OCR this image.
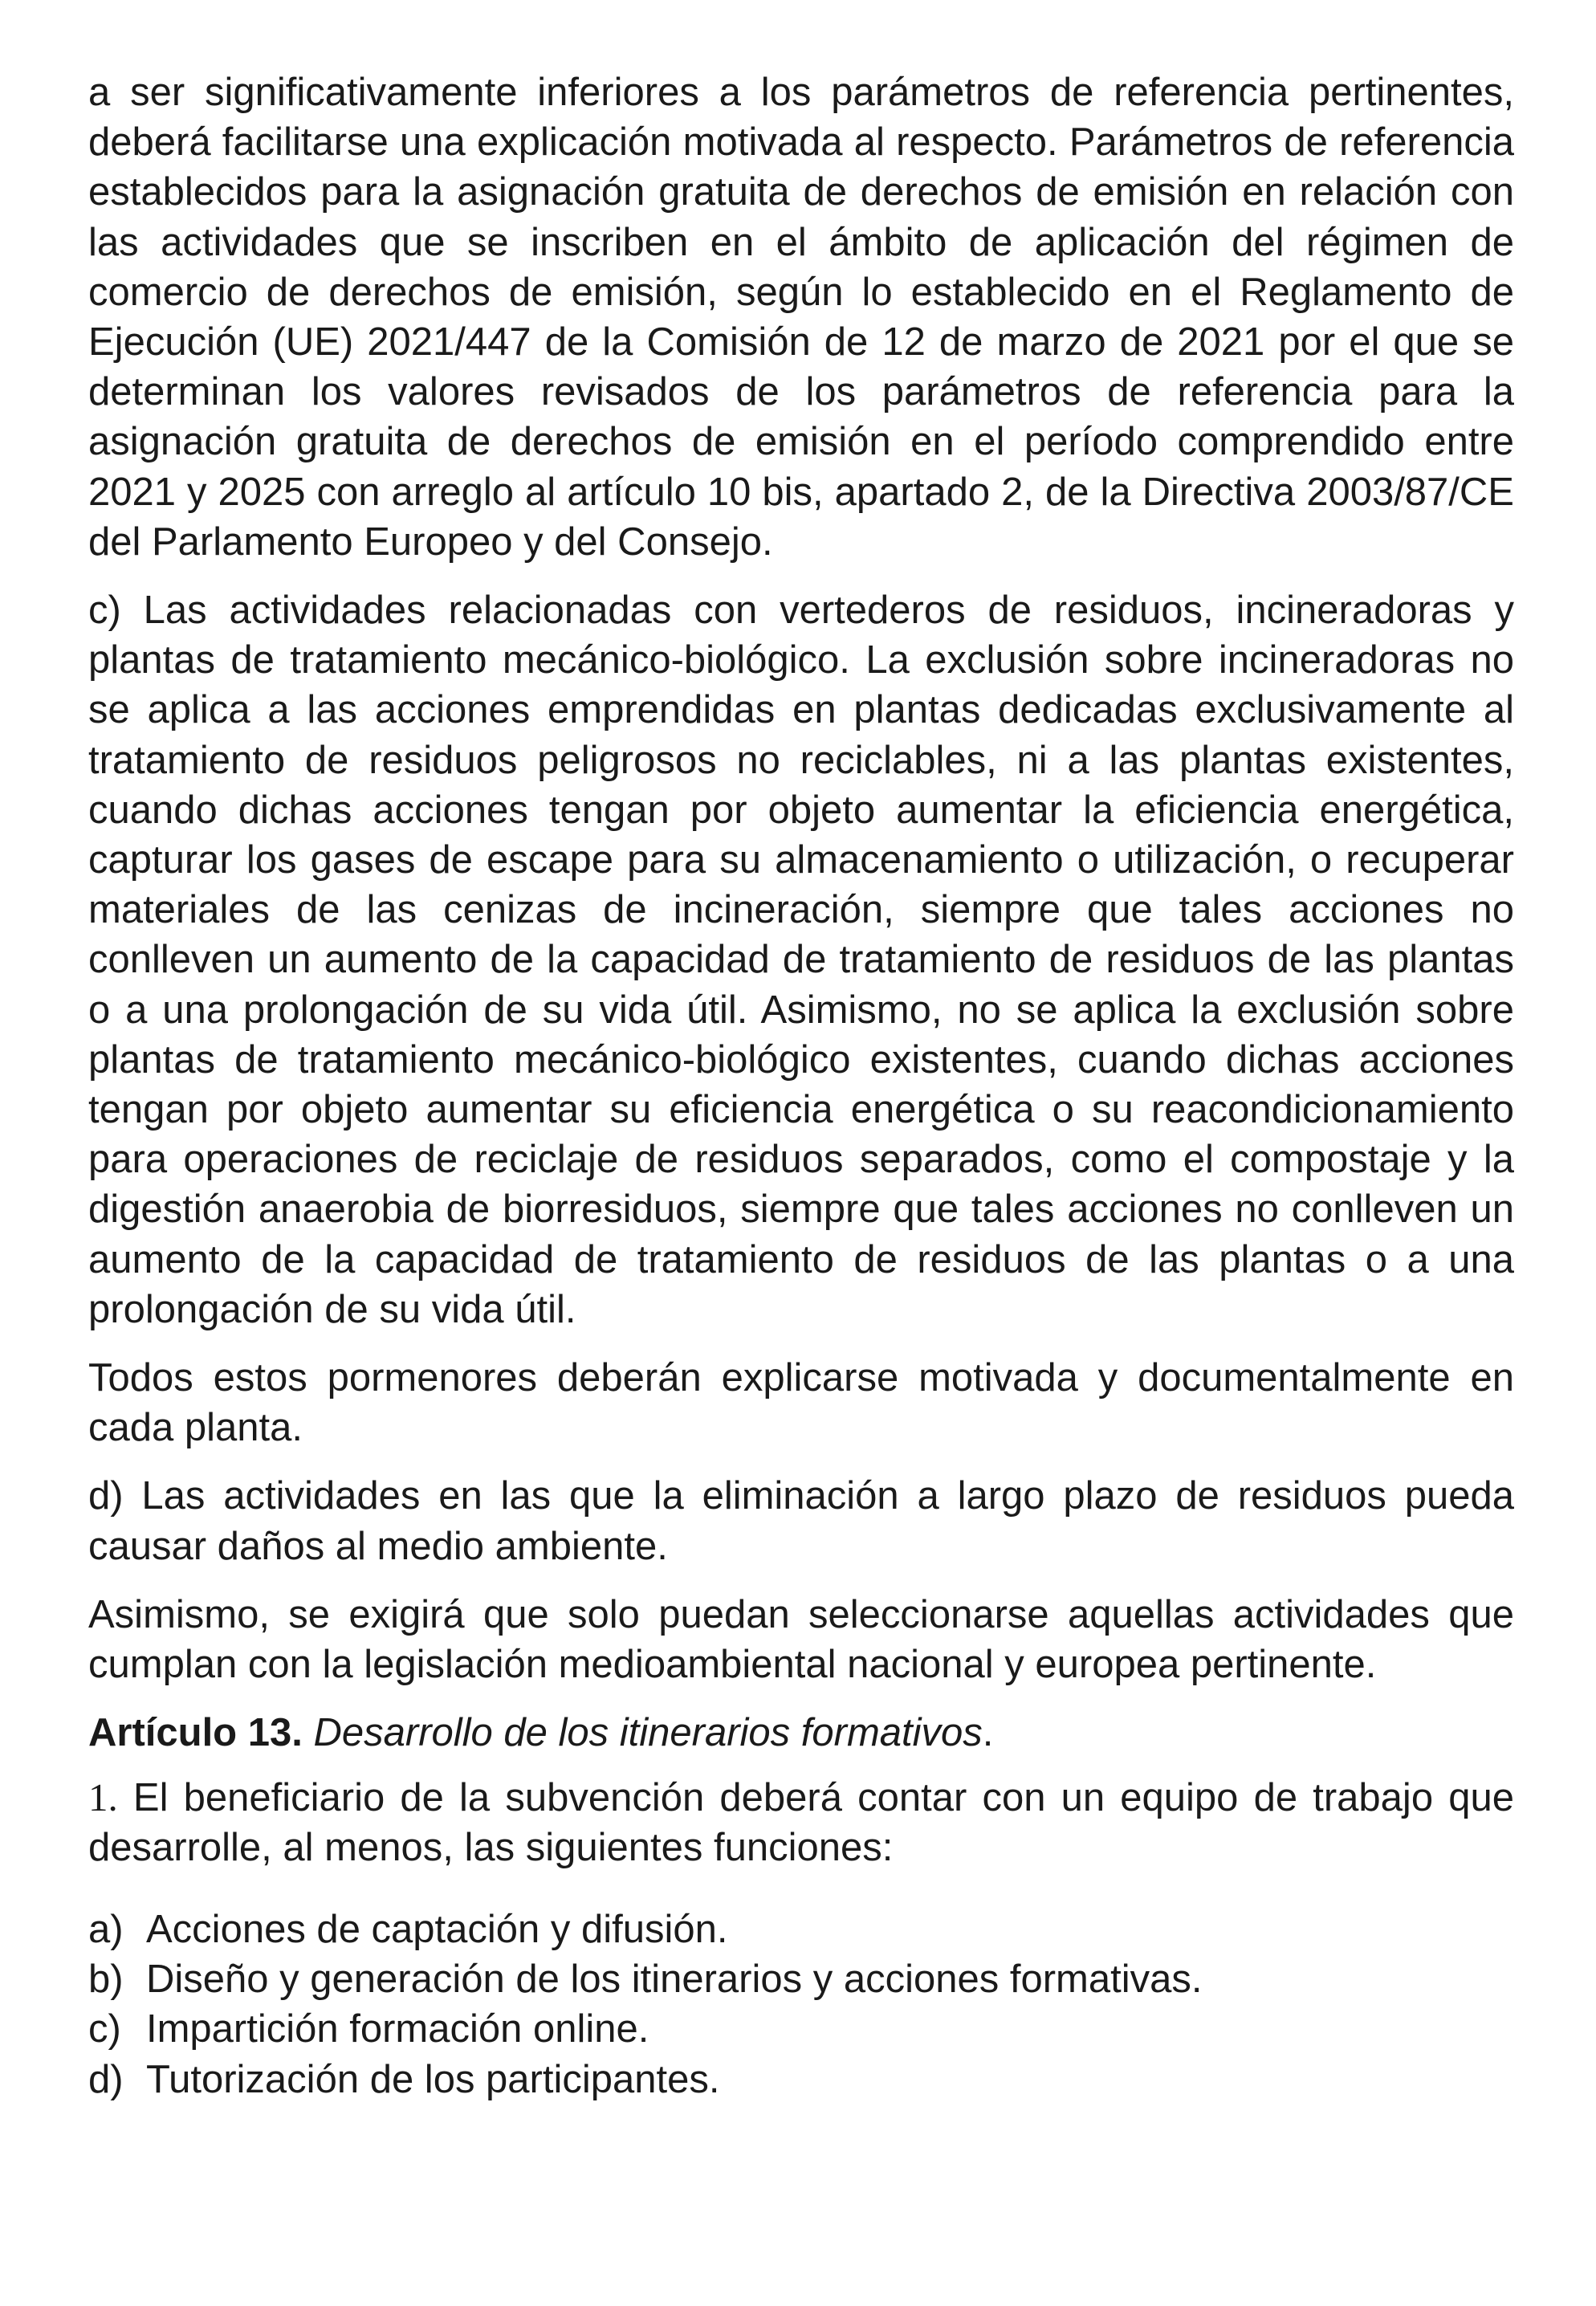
a ser significativamente inferiores a los parámetros de referencia pertinentes, deberá facilitarse una explicación motivada al respecto. Parámetros de referencia establecidos para la asignación gratuita de derechos de emisión en relación con las actividades que se inscriben en el ámbito de aplicación del régimen de comercio de derechos de emisión, según lo establecido en el Reglamento de Ejecución (UE) 2021/447 de la Comisión de 12 de marzo de 2021 por el que se determinan los valores revisados de los parámetros de referencia para la asignación gratuita de derechos de emisión en el período comprendido entre 2021 y 2025 con arreglo al artículo 10 bis, apartado 2, de la Directiva 2003/87/CE del Parlamento Europeo y del Consejo.

c) Las actividades relacionadas con vertederos de residuos, incineradoras y plantas de tratamiento mecánico-biológico. La exclusión sobre incineradoras no se aplica a las acciones emprendidas en plantas dedicadas exclusivamente al tratamiento de residuos peligrosos no reciclables, ni a las plantas existentes, cuando dichas acciones tengan por objeto aumentar la eficiencia energética, capturar los gases de escape para su almacenamiento o utilización, o recuperar materiales de las cenizas de incineración, siempre que tales acciones no conlleven un aumento de la capacidad de tratamiento de residuos de las plantas o a una prolongación de su vida útil. Asimismo, no se aplica la exclusión sobre plantas de tratamiento mecánico-biológico existentes, cuando dichas acciones tengan por objeto aumentar su eficiencia energética o su reacondicionamiento para operaciones de reciclaje de residuos separados, como el compostaje y la digestión anaerobia de biorresiduos, siempre que tales acciones no conlleven un aumento de la capacidad de tratamiento de residuos de las plantas o a una prolongación de su vida útil.

Todos estos pormenores deberán explicarse motivada y documentalmente en cada planta.

d) Las actividades en las que la eliminación a largo plazo de residuos pueda causar daños al medio ambiente.

Asimismo, se exigirá que solo puedan seleccionarse aquellas actividades que cumplan con la legislación medioambiental nacional y europea pertinente.

Artículo 13. Desarrollo de los itinerarios formativos.

1. El beneficiario de la subvención deberá contar con un equipo de trabajo que desarrolle, al menos, las siguientes funciones:

a) Acciones de captación y difusión.
b) Diseño y generación de los itinerarios y acciones formativas.
c) Impartición formación online.
d) Tutorización de los participantes.
